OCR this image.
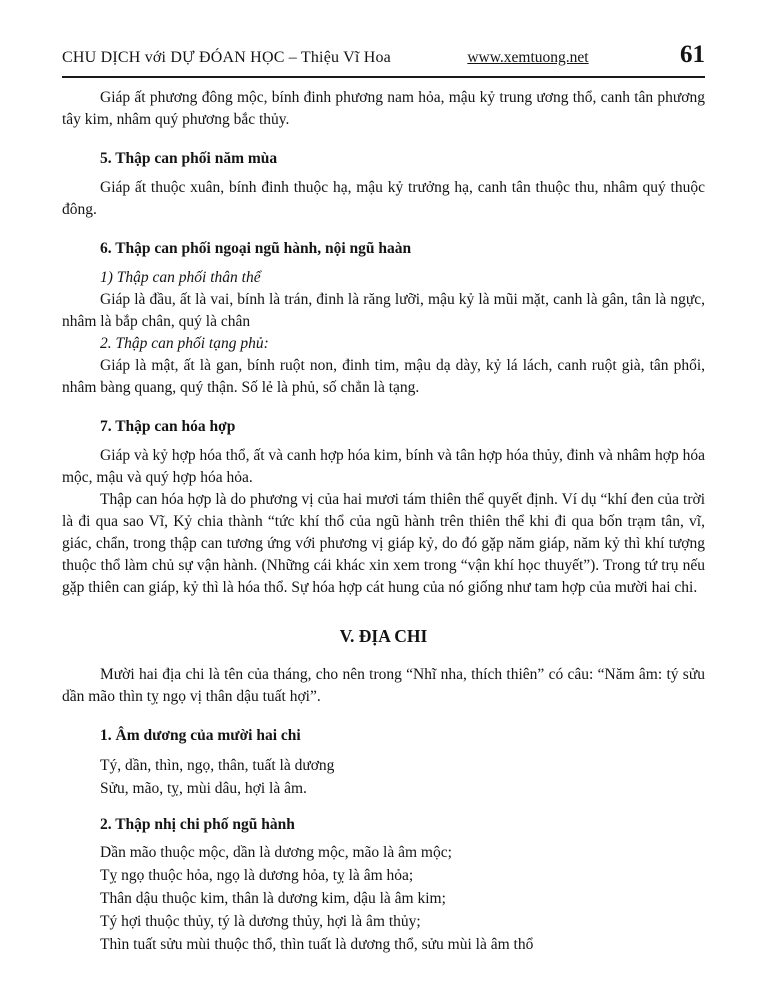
CHU DỊCH với DỰ ĐÓAN HỌC – Thiệu Vĩ Hoa	www.xemtuong.net	61

Giáp ất phương đông mộc, bính đinh phương nam hỏa, mậu kỷ trung ương thổ, canh tân phương tây kim, nhâm quý phương bắc thủy.

5. Thập can phối năm mùa

Giáp ất thuộc xuân, bính đinh thuộc hạ, mậu kỷ trưởng hạ, canh tân thuộc thu, nhâm quý thuộc đông.

6. Thập can phối ngoại ngũ hành, nội ngũ haàn
1) Thập can phối thân thể

Giáp là đầu, ất là vai, bính là trán, đinh là răng lưỡi, mậu kỷ là mũi mặt, canh là gân, tân là ngực, nhâm là bắp chân, quý là chân

2. Thập can phối tạng phủ:

Giáp là mật, ất là gan, bính ruột non, đinh tim, mậu dạ dày, kỷ lá lách, canh ruột già, tân phổi, nhâm bàng quang, quý thận. Số lẻ là phủ, số chẳn là tạng.

7. Thập can hóa hợp

Giáp và kỷ hợp hóa thổ, ất và canh hợp hóa kim, bính và tân hợp hóa thủy, đinh và nhâm hợp hóa mộc, mậu và quý hợp hóa hỏa.

Thập can hóa hợp là do phương vị của hai mươi tám thiên thể quyết định. Ví dụ “khí đen của trời là đi qua sao Vĩ, Kỷ chia thành “tức khí thổ của ngũ hành trên thiên thể khi đi qua bốn trạm tân, vĩ, giác, chẩn, trong thập can tương ứng với phương vị giáp kỷ, do đó gặp năm giáp, năm kỷ thì khí tượng thuộc thổ làm chủ sự vận hành. (Những cái khác xin xem trong “vận khí học thuyết”). Trong tứ trụ nếu gặp thiên can giáp, kỷ thì là hóa thổ. Sự hóa hợp cát hung của nó giống như tam hợp của mười hai chi.

V. ĐỊA CHI

Mười hai địa chi là tên của tháng, cho nên trong “Nhĩ nha, thích thiên” có câu: “Năm âm: tý sửu dần mão thìn tỵ ngọ vị thân dậu tuất hợi”.

1. Âm dương của mười hai chi
Tý, dần, thìn, ngọ, thân, tuất là dương
Sửu, mão, tỵ, mùi dâu, hợi là âm.
2. Thập nhị chi phố ngũ hành
Dần mão thuộc mộc, dần là dương mộc, mão là âm mộc;
Tỵ ngọ thuộc hỏa, ngọ là dương hỏa, tỵ là âm hỏa;
Thân dậu thuộc kim, thân là dương kim, dậu là âm kim;
Tý hợi thuộc thủy, tý là dương thủy, hợi là âm thủy;
Thìn tuất sửu mùi thuộc thổ, thìn tuất là dương thổ, sửu mùi là âm thổ
